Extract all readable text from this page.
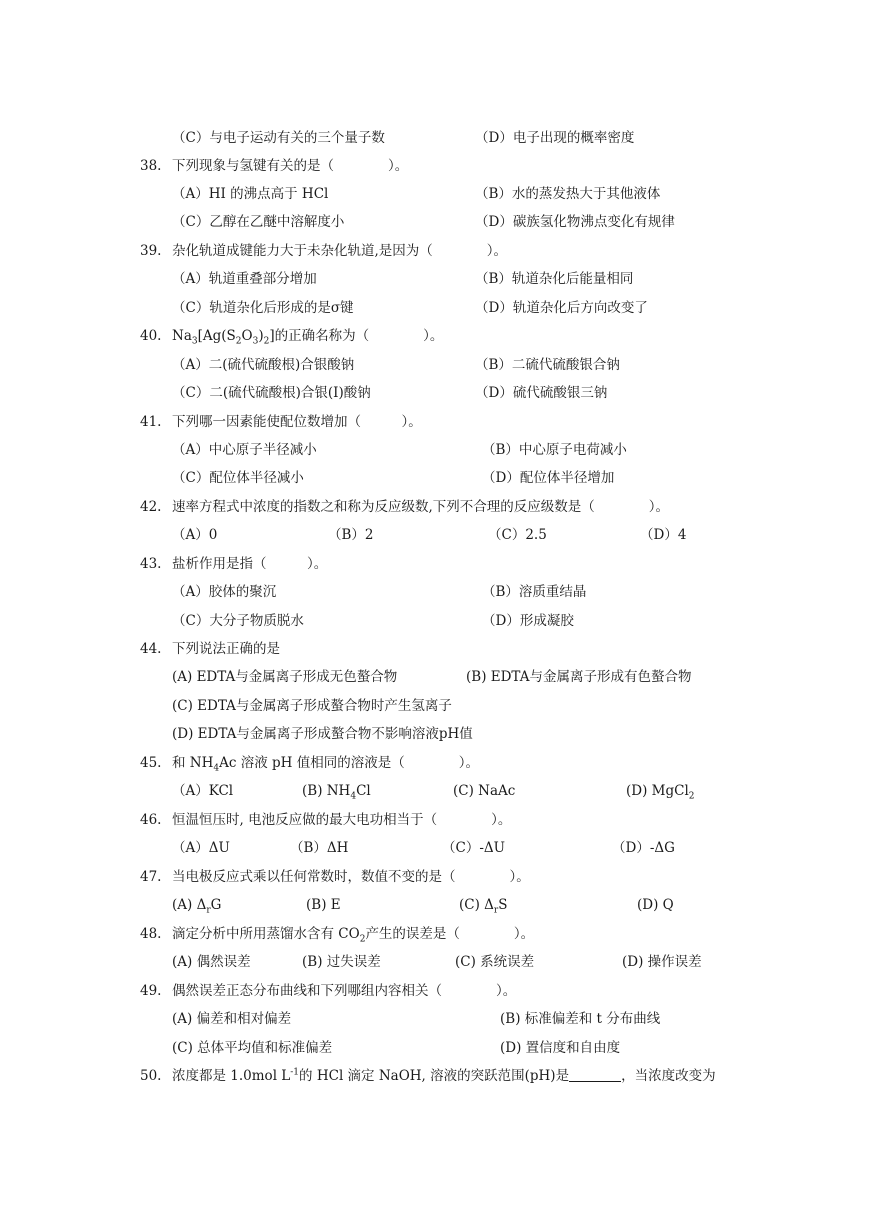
（C）与电子运动有关的三个量子数	（D）电子出现的概率密度
38. 下列现象与氢键有关的是（　　　　）。
（A）HI 的沸点高于 HCl	（B）水的蒸发热大于其他液体
（C）乙醇在乙醚中溶解度小	（D）碳族氢化物沸点变化有规律
39. 杂化轨道成键能力大于未杂化轨道,是因为（　　　　）。
（A）轨道重叠部分增加	（B）轨道杂化后能量相同
（C）轨道杂化后形成的是σ键	（D）轨道杂化后方向改变了
40. $Na_3[Ag(S_2O_3)_2]$的正确名称为（　　　　）。
（A）二(硫代硫酸根)合银酸钠	（B）二硫代硫酸银合钠
（C）二(硫代硫酸根)合银(Ⅰ)酸钠	（D）硫代硫酸银三钠
41. 下列哪一因素能使配位数增加（　　　）。
（A）中心原子半径减小	（B）中心原子电荷减小
（C）配位体半径减小	（D）配位体半径增加
42. 速率方程式中浓度的指数之和称为反应级数,下列不合理的反应级数是（　　　　）。
（A）0	（B）2	（C）2.5	（D）4
43. 盐析作用是指（　　　）。
（A）胶体的聚沉	（B）溶质重结晶
（C）大分子物质脱水	（D）形成凝胶
44. 下列说法正确的是
(A) EDTA与金属离子形成无色螯合物	(B) EDTA与金属离子形成有色螯合物
(C) EDTA与金属离子形成螯合物时产生氢离子
(D) EDTA与金属离子形成螯合物不影响溶液pH值
45. 和 $NH_4Ac$ 溶液 pH 值相同的溶液是（　　　　）。
（A）KCl	(B) $NH_4Cl$	(C) NaAc	(D) MgCl$_2$
46. 恒温恒压时, 电池反应做的最大电功相当于（　　　　）。
（A）ΔU	（B）ΔH	（C）-ΔU	（D）-ΔG
47. 当电极反应式乘以任何常数时，数值不变的是（　　　　）。
(A) $\Delta_rG$	(B) E	(C) $\Delta_rS$	(D) Q
48. 滴定分析中所用蒸馏水含有 $CO_2$产生的误差是（　　　　）。
(A) 偶然误差	(B) 过失误差	(C) 系统误差	(D) 操作误差
49. 偶然误差正态分布曲线和下列哪组内容相关（　　　　）。
(A) 偏差和相对偏差	(B) 标准偏差和 t 分布曲线
(C) 总体平均值和标准偏差	(D) 置信度和自由度
50. 浓度都是 1.0mol $L^{-1}$的 HCl 滴定 NaOH, 溶液的突跃范围(pH)是	，当浓度改变为
